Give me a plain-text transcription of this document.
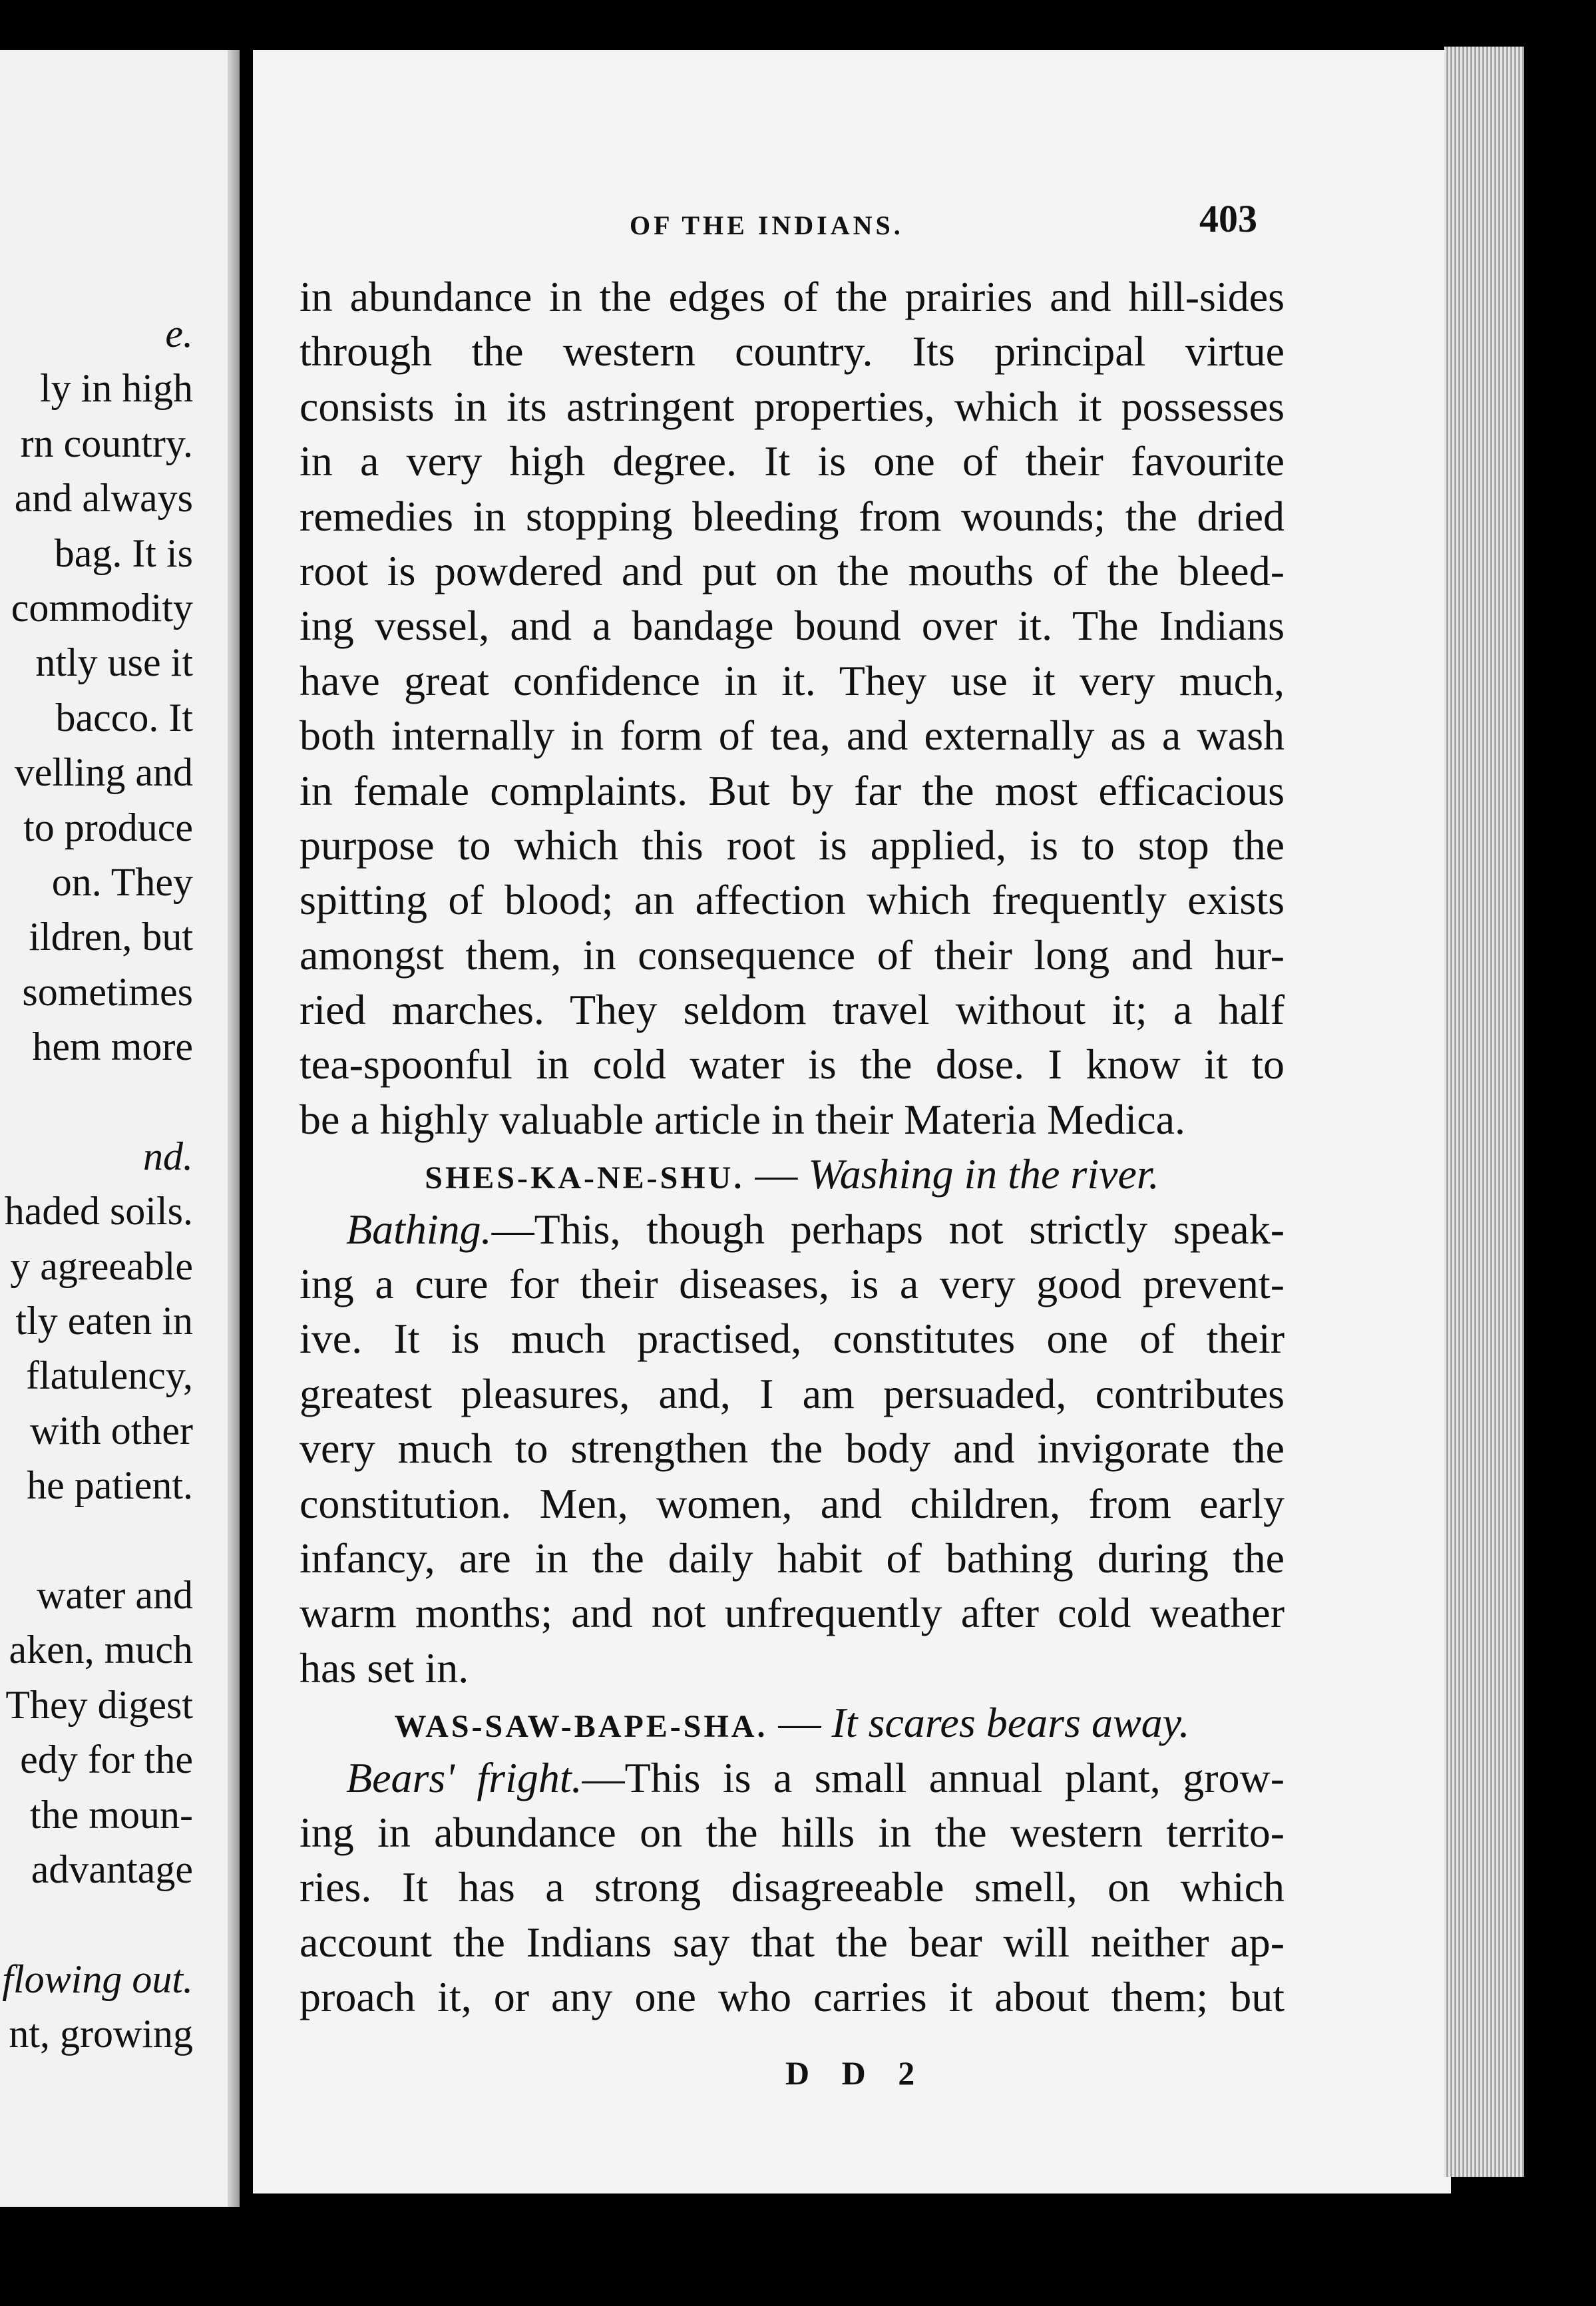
e.
ly in high
rn country.
and always
bag. It is
commodity
ntly use it
bacco. It
velling and
to produce
on. They
ildren, but
sometimes
hem more
nd.
haded soils.
y agreeable
tly eaten in
flatulency,
with other
he patient.
water and
aken, much
They digest
edy for the
the moun-
advantage
flowing out.
nt, growing
OF THE INDIANS.	403
in abundance in the edges of the prairies and hill-sides
through the western country. Its principal virtue
consists in its astringent properties, which it possesses
in a very high degree. It is one of their favourite
remedies in stopping bleeding from wounds; the dried
root is powdered and put on the mouths of the bleed-
ing vessel, and a bandage bound over it. The Indians
have great confidence in it. They use it very much,
both internally in form of tea, and externally as a wash
in female complaints. But by far the most efficacious
purpose to which this root is applied, is to stop the
spitting of blood; an affection which frequently exists
amongst them, in consequence of their long and hur-
ried marches. They seldom travel without it; a half
tea-spoonful in cold water is the dose. I know it to
be a highly valuable article in their Materia Medica.
SHES-KA-NE-SHU. — Washing in the river.
Bathing.—This, though perhaps not strictly speak-
ing a cure for their diseases, is a very good prevent-
ive. It is much practised, constitutes one of their
greatest pleasures, and, I am persuaded, contributes
very much to strengthen the body and invigorate the
constitution. Men, women, and children, from early
infancy, are in the daily habit of bathing during the
warm months; and not unfrequently after cold weather
has set in.
WAS-SAW-BAPE-SHA. — It scares bears away.
Bears' fright.—This is a small annual plant, grow-
ing in abundance on the hills in the western territo-
ries. It has a strong disagreeable smell, on which
account the Indians say that the bear will neither ap-
proach it, or any one who carries it about them; but
D D 2
